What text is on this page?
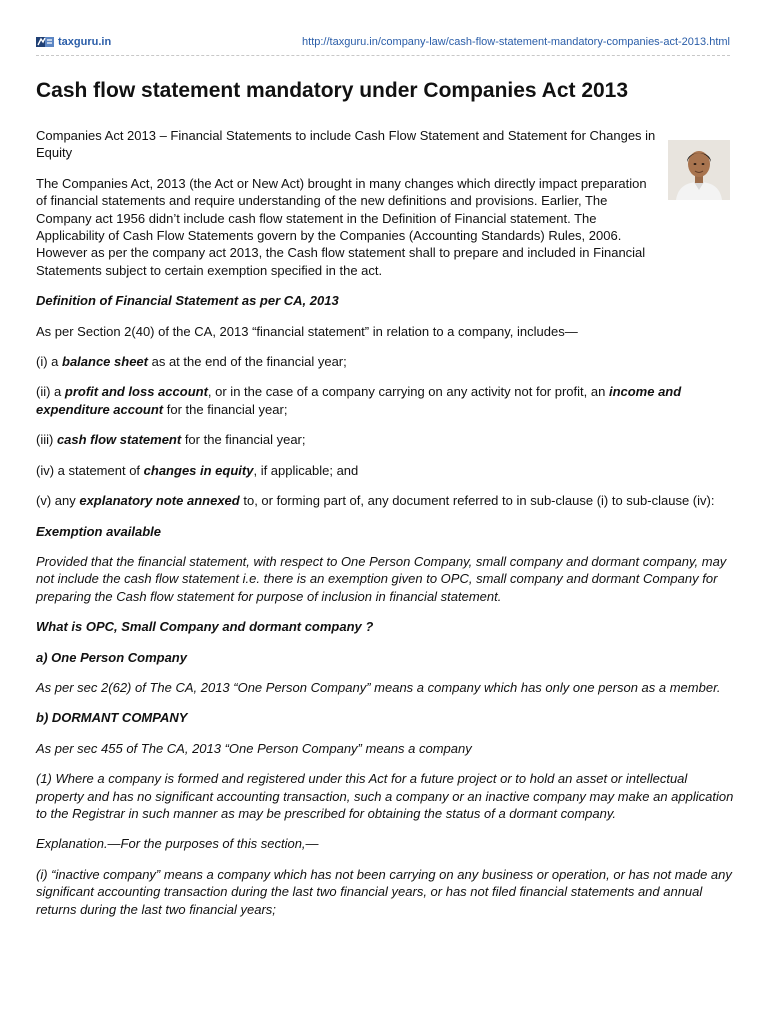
taxguru.in	http://taxguru.in/company-law/cash-flow-statement-mandatory-companies-act-2013.html
Cash flow statement mandatory under Companies Act 2013

Companies Act 2013 – Financial Statements to include Cash Flow Statement and Statement for Changes in Equity

The Companies Act, 2013 (the Act or New Act) brought in many changes which directly impact preparation of financial statements and require understanding of the new definitions and provisions. Earlier, The Company act 1956 didn’t include cash flow statement in the Definition of Financial statement. The Applicability of Cash Flow Statements govern by the Companies (Accounting Standards) Rules, 2006. However as per the company act 2013, the Cash flow statement shall to prepare and included in Financial Statements subject to certain exemption specified in the act.

Definition of Financial Statement as per CA, 2013

As per Section 2(40) of the CA, 2013 “financial statement” in relation to a company, includes—

(i) a balance sheet as at the end of the financial year;

(ii) a profit and loss account, or in the case of a company carrying on any activity not for profit, an income and expenditure account for the financial year;

(iii) cash flow statement for the financial year;

(iv) a statement of changes in equity, if applicable; and

(v) any explanatory note annexed to, or forming part of, any document referred to in sub-clause (i) to sub-clause (iv):

Exemption available

Provided that the financial statement, with respect to One Person Company, small company and dormant company, may not include the cash flow statement i.e. there is an exemption given to OPC, small company and dormant Company for preparing the Cash flow statement for purpose of inclusion in financial statement.

What is OPC, Small Company and dormant company ?

a) One Person Company

As per sec 2(62) of The CA, 2013 “One Person Company” means a company which has only one person as a member.

b) DORMANT COMPANY

As per sec 455 of The CA, 2013 “One Person Company” means a company

(1) Where a company is formed and registered under this Act for a future project or to hold an asset or intellectual property and has no significant accounting transaction, such a company or an inactive company may make an application to the Registrar in such manner as may be prescribed for obtaining the status of a dormant company.

Explanation.—For the purposes of this section,—

(i) “inactive company” means a company which has not been carrying on any business or operation, or has not made any significant accounting transaction during the last two financial years, or has not filed financial statements and annual returns during the last two financial years;
